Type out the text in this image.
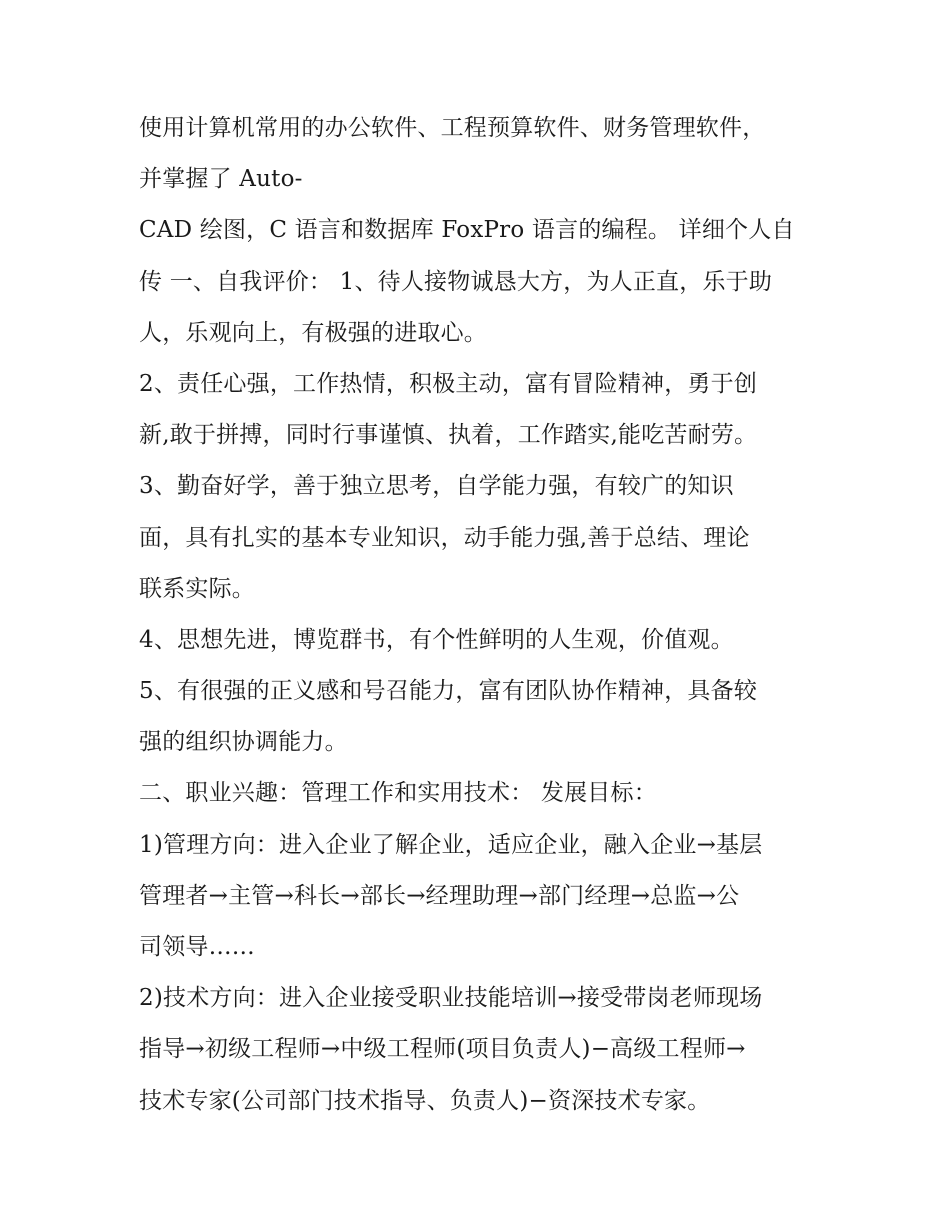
使用计算机常用的办公软件、工程预算软件、财务管理软件，
并掌握了 Auto-
CAD 绘图，C 语言和数据库 FoxPro 语言的编程。 详细个人自
传 一、自我评价： 1、待人接物诚恳大方，为人正直，乐于助
人，乐观向上，有极强的进取心。
2、责任心强，工作热情，积极主动，富有冒险精神，勇于创
新,敢于拼搏，同时行事谨慎、执着，工作踏实,能吃苦耐劳。
3、勤奋好学，善于独立思考，自学能力强，有较广的知识
面，具有扎实的基本专业知识，动手能力强,善于总结、理论
联系实际。
4、思想先进，博览群书，有个性鲜明的人生观，价值观。
5、有很强的正义感和号召能力，富有团队协作精神，具备较
强的组织协调能力。
二、职业兴趣：管理工作和实用技术： 发展目标：
1)管理方向：进入企业了解企业，适应企业，融入企业→基层
管理者→主管→科长→部长→经理助理→部门经理→总监→公
司领导……
2)技术方向：进入企业接受职业技能培训→接受带岗老师现场
指导→初级工程师→中级工程师(项目负责人)−高级工程师→
技术专家(公司部门技术指导、负责人)−资深技术专家。
